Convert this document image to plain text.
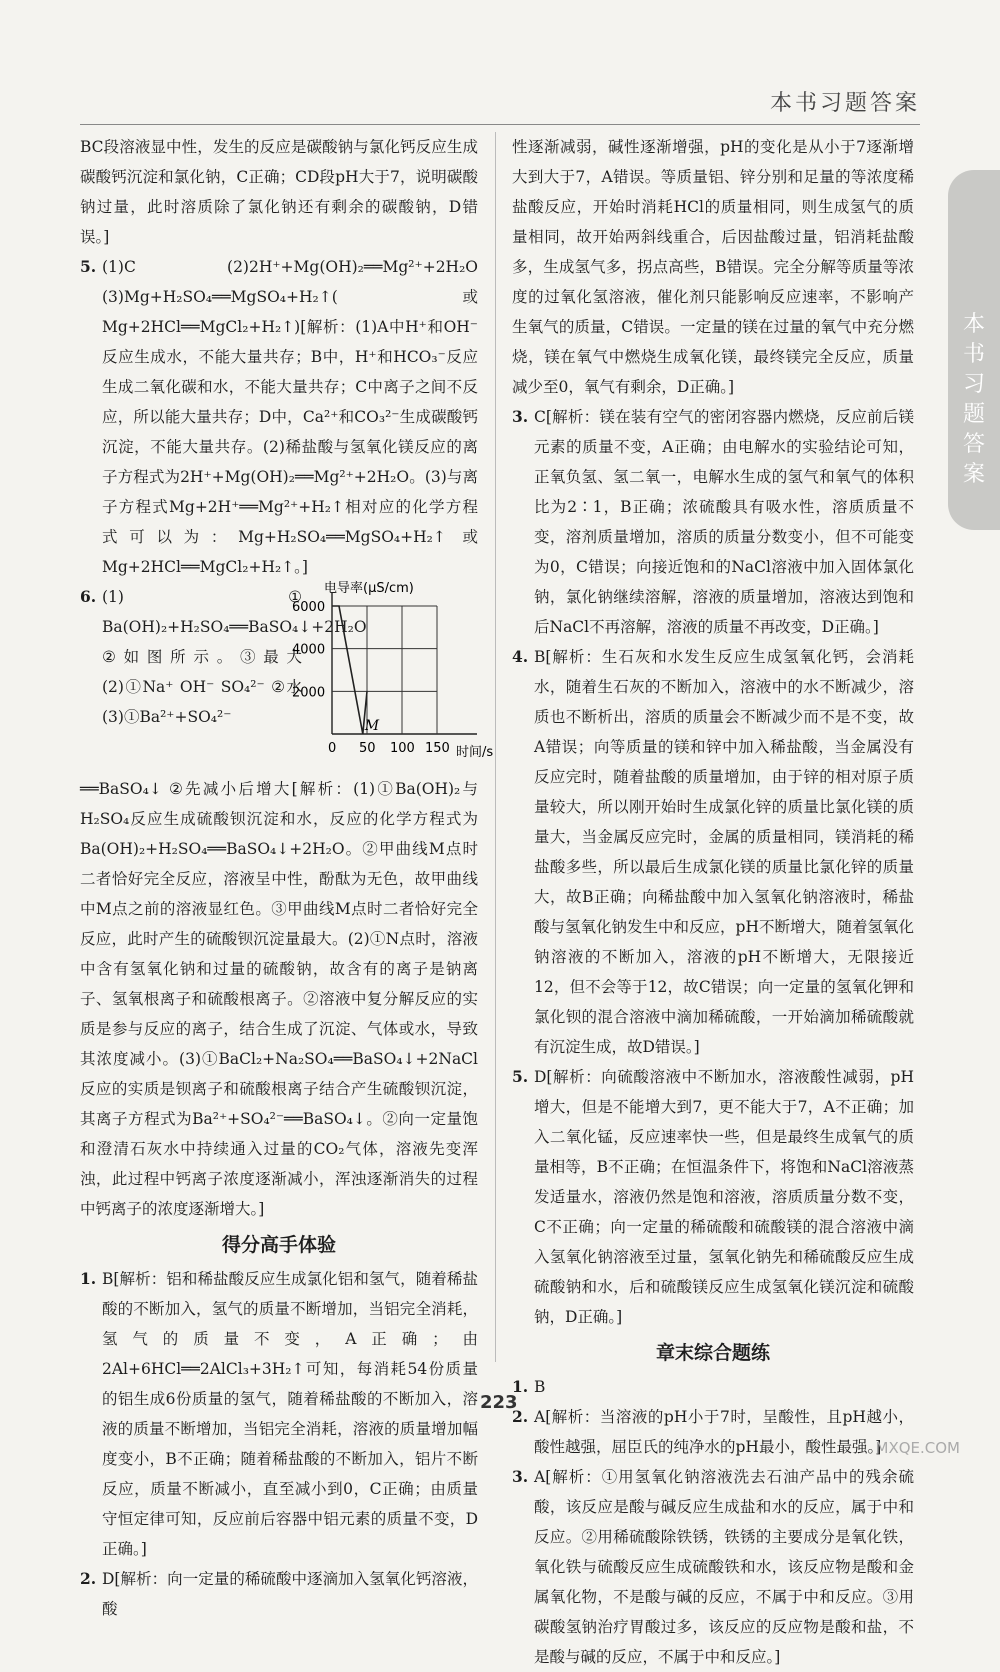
本书习题答案
本书习题答案

BC段溶液显中性，发生的反应是碳酸钠与氯化钙反应生成碳酸钙沉淀和氯化钠，C正确；CD段pH大于7，说明碳酸钠过量，此时溶质除了氯化钠还有剩余的碳酸钠，D错误。]

5. (1)C (2)2H⁺+Mg(OH)₂══Mg²⁺+2H₂O (3)Mg+H₂SO₄══MgSO₄+H₂↑(或Mg+2HCl══MgCl₂+H₂↑)[解析：(1)A中H⁺和OH⁻反应生成水，不能大量共存；B中，H⁺和HCO₃⁻反应生成二氧化碳和水，不能大量共存；C中离子之间不反应，所以能大量共存；D中，Ca²⁺和CO₃²⁻生成碳酸钙沉淀，不能大量共存。(2)稀盐酸与氢氧化镁反应的离子方程式为2H⁺+Mg(OH)₂══Mg²⁺+2H₂O。(3)与离子方程式Mg+2H⁺══Mg²⁺+H₂↑相对应的化学方程式可以为：Mg+H₂SO₄══MgSO₄+H₂↑ 或 Mg+2HCl══MgCl₂+H₂↑。]

6. (1)① Ba(OH)₂+H₂SO₄══BaSO₄↓+2H₂O ②如图所示。③最大 (2)①Na⁺ OH⁻ SO₄²⁻ ②水 (3)①Ba²⁺+SO₄²⁻

电导率(μS/cm)
时间/s
0 50 100 150
2000
4000
6000
M

══BaSO₄↓ ②先减小后增大[解析：(1)①Ba(OH)₂与H₂SO₄反应生成硫酸钡沉淀和水，反应的化学方程式为Ba(OH)₂+H₂SO₄══BaSO₄↓+2H₂O。②甲曲线M点时二者恰好完全反应，溶液呈中性，酚酞为无色，故甲曲线中M点之前的溶液显红色。③甲曲线M点时二者恰好完全反应，此时产生的硫酸钡沉淀量最大。(2)①N点时，溶液中含有氢氧化钠和过量的硫酸钠，故含有的离子是钠离子、氢氧根离子和硫酸根离子。②溶液中复分解反应的实质是参与反应的离子，结合生成了沉淀、气体或水，导致其浓度减小。(3)①BaCl₂+Na₂SO₄══BaSO₄↓+2NaCl反应的实质是钡离子和硫酸根离子结合产生硫酸钡沉淀，其离子方程式为Ba²⁺+SO₄²⁻══BaSO₄↓。②向一定量饱和澄清石灰水中持续通入过量的CO₂气体，溶液先变浑浊，此过程中钙离子浓度逐渐减小，浑浊逐渐消失的过程中钙离子的浓度逐渐增大。]

得分高手体验

1. B[解析：铝和稀盐酸反应生成氯化铝和氢气，随着稀盐酸的不断加入，氢气的质量不断增加，当铝完全消耗，氢气的质量不变，A正确；由2Al+6HCl══2AlCl₃+3H₂↑可知，每消耗54份质量的铝生成6份质量的氢气，随着稀盐酸的不断加入，溶液的质量不断增加，当铝完全消耗，溶液的质量增加幅度变小，B不正确；随着稀盐酸的不断加入，铝片不断反应，质量不断减小，直至减小到0，C正确；由质量守恒定律可知，反应前后容器中铝元素的质量不变，D正确。]

2. D[解析：向一定量的稀硫酸中逐滴加入氢氧化钙溶液，酸

性逐渐减弱，碱性逐渐增强，pH的变化是从小于7逐渐增大到大于7，A错误。等质量铝、锌分别和足量的等浓度稀盐酸反应，开始时消耗HCl的质量相同，则生成氢气的质量相同，故开始两斜线重合，后因盐酸过量，铝消耗盐酸多，生成氢气多，拐点高些，B错误。完全分解等质量等浓度的过氧化氢溶液，催化剂只能影响反应速率，不影响产生氧气的质量，C错误。一定量的镁在过量的氧气中充分燃烧，镁在氧气中燃烧生成氧化镁，最终镁完全反应，质量减少至0，氧气有剩余，D正确。]

3. C[解析：镁在装有空气的密闭容器内燃烧，反应前后镁元素的质量不变，A正确；由电解水的实验结论可知，正氧负氢、氢二氧一，电解水生成的氢气和氧气的体积比为2∶1，B正确；浓硫酸具有吸水性，溶质质量不变，溶剂质量增加，溶质的质量分数变小，但不可能变为0，C错误；向接近饱和的NaCl溶液中加入固体氯化钠，氯化钠继续溶解，溶液的质量增加，溶液达到饱和后NaCl不再溶解，溶液的质量不再改变，D正确。]

4. B[解析：生石灰和水发生反应生成氢氧化钙，会消耗水，随着生石灰的不断加入，溶液中的水不断减少，溶质也不断析出，溶质的质量会不断减少而不是不变，故A错误；向等质量的镁和锌中加入稀盐酸，当金属没有反应完时，随着盐酸的质量增加，由于锌的相对原子质量较大，所以刚开始时生成氯化锌的质量比氯化镁的质量大，当金属反应完时，金属的质量相同，镁消耗的稀盐酸多些，所以最后生成氯化镁的质量比氯化锌的质量大，故B正确；向稀盐酸中加入氢氧化钠溶液时，稀盐酸与氢氧化钠发生中和反应，pH不断增大，随着氢氧化钠溶液的不断加入，溶液的pH不断增大，无限接近12，但不会等于12，故C错误；向一定量的氢氧化钾和氯化钡的混合溶液中滴加稀硫酸，一开始滴加稀硫酸就有沉淀生成，故D错误。]

5. D[解析：向硫酸溶液中不断加水，溶液酸性减弱，pH增大，但是不能增大到7，更不能大于7，A不正确；加入二氧化锰，反应速率快一些，但是最终生成氧气的质量相等，B不正确；在恒温条件下，将饱和NaCl溶液蒸发适量水，溶液仍然是饱和溶液，溶质质量分数不变，C不正确；向一定量的稀硫酸和硫酸镁的混合溶液中滴入氢氧化钠溶液至过量，氢氧化钠先和稀硫酸反应生成硫酸钠和水，后和硫酸镁反应生成氢氧化镁沉淀和硫酸钠，D正确。]

章末综合题练

1. B

2. A[解析：当溶液的pH小于7时，呈酸性，且pH越小，酸性越强，屈臣氏的纯净水的pH最小，酸性最强。]

3. A[解析：①用氢氧化钠溶液洗去石油产品中的残余硫酸，该反应是酸与碱反应生成盐和水的反应，属于中和反应。②用稀硫酸除铁锈，铁锈的主要成分是氧化铁，氧化铁与硫酸反应生成硫酸铁和水，该反应物是酸和金属氧化物，不是酸与碱的反应，不属于中和反应。③用碳酸氢钠治疗胃酸过多，该反应的反应物是酸和盐，不是酸与碱的反应，不属于中和反应。]

223
MXQE.COM
